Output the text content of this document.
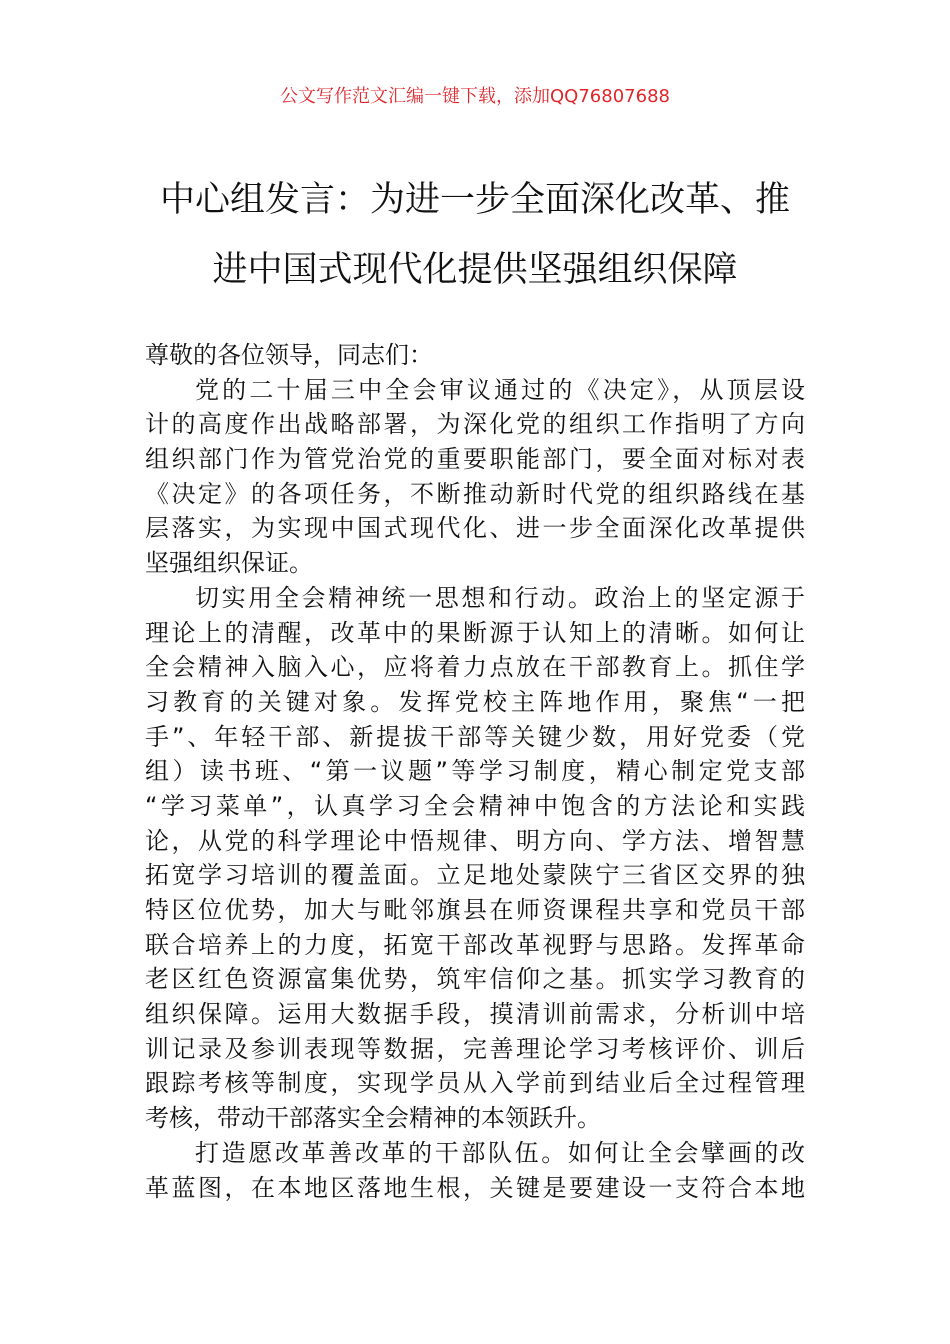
公文写作范文汇编一键下载，添加QQ76807688
中心组发言：为进一步全面深化改革、推
进中国式现代化提供坚强组织保障
尊敬的各位领导，同志们：
党的二十届三中全会审议通过的《决定》，从顶层设
计的高度作出战略部署，为深化党的组织工作指明了方向
组织部门作为管党治党的重要职能部门，要全面对标对表
《决定》的各项任务，不断推动新时代党的组织路线在基
层落实，为实现中国式现代化、进一步全面深化改革提供
坚强组织保证。
切实用全会精神统一思想和行动。政治上的坚定源于
理论上的清醒，改革中的果断源于认知上的清晰。如何让
全会精神入脑入心，应将着力点放在干部教育上。抓住学
习教育的关键对象。发挥党校主阵地作用，聚焦“一把
手”、年轻干部、新提拔干部等关键少数，用好党委（党
组）读书班、“第一议题”等学习制度，精心制定党支部
“学习菜单”，认真学习全会精神中饱含的方法论和实践
论，从党的科学理论中悟规律、明方向、学方法、增智慧
拓宽学习培训的覆盖面。立足地处蒙陕宁三省区交界的独
特区位优势，加大与毗邻旗县在师资课程共享和党员干部
联合培养上的力度，拓宽干部改革视野与思路。发挥革命
老区红色资源富集优势，筑牢信仰之基。抓实学习教育的
组织保障。运用大数据手段，摸清训前需求，分析训中培
训记录及参训表现等数据，完善理论学习考核评价、训后
跟踪考核等制度，实现学员从入学前到结业后全过程管理
考核，带动干部落实全会精神的本领跃升。
打造愿改革善改革的干部队伍。如何让全会擘画的改
革蓝图，在本地区落地生根，关键是要建设一支符合本地
